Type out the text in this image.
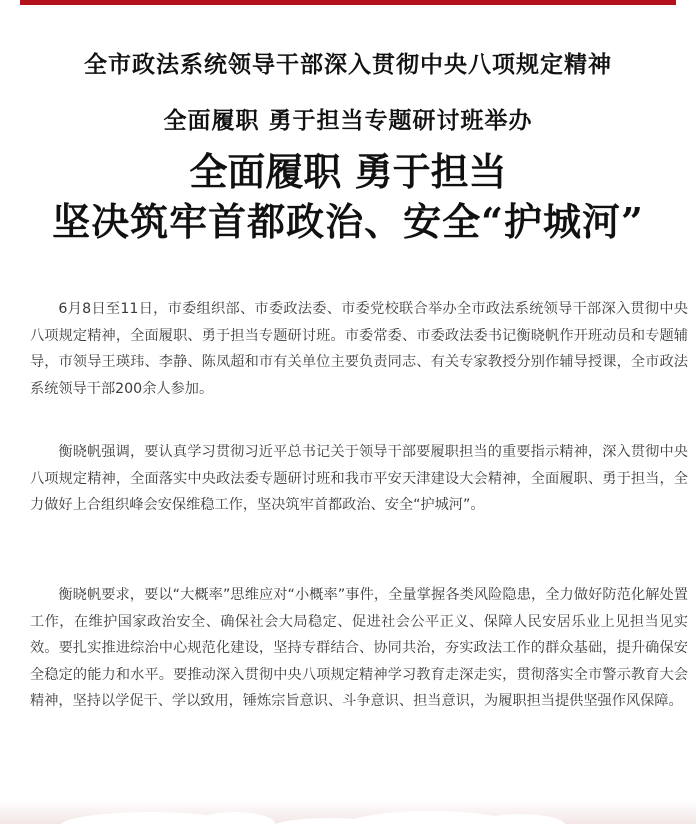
全市政法系统领导干部深入贯彻中央八项规定精神
全面履职 勇于担当专题研讨班举办
全面履职 勇于担当
坚决筑牢首都政治、安全“护城河”

6月8日至11日，市委组织部、市委政法委、市委党校联合举办全市政法系统领导干部深入贯彻中央八项规定精神，全面履职、勇于担当专题研讨班。市委常委、市委政法委书记衡晓帆作开班动员和专题辅导，市领导王瑛玮、李静、陈凤超和市有关单位主要负责同志、有关专家教授分别作辅导授课，全市政法系统领导干部200余人参加。

衡晓帆强调，要认真学习贯彻习近平总书记关于领导干部要履职担当的重要指示精神，深入贯彻中央八项规定精神，全面落实中央政法委专题研讨班和我市平安天津建设大会精神，全面履职、勇于担当，全力做好上合组织峰会安保维稳工作，坚决筑牢首都政治、安全“护城河”。

衡晓帆要求，要以“大概率”思维应对“小概率”事件，全量掌握各类风险隐患，全力做好防范化解处置工作，在维护国家政治安全、确保社会大局稳定、促进社会公平正义、保障人民安居乐业上见担当见实效。要扎实推进综治中心规范化建设，坚持专群结合、协同共治，夯实政法工作的群众基础，提升确保安全稳定的能力和水平。要推动深入贯彻中央八项规定精神学习教育走深走实，贯彻落实全市警示教育大会精神，坚持以学促干、学以致用，锤炼宗旨意识、斗争意识、担当意识，为履职担当提供坚强作风保障。
